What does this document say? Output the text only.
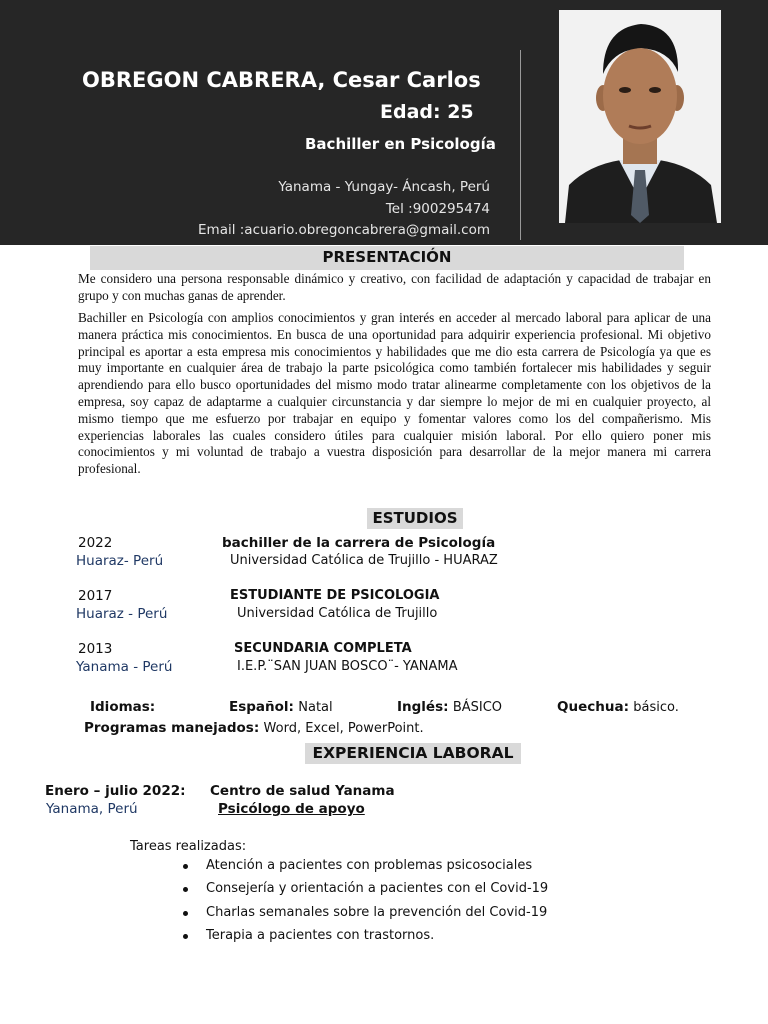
OBREGON CABRERA, Cesar Carlos
Edad: 25
Bachiller en Psicología
Yanama - Yungay- Áncash, Perú
Tel :900295474
Email :acuario.obregoncabrera@gmail.com
PRESENTACIÓN
Me considero una persona responsable dinámico y creativo, con facilidad de adaptación y capacidad de trabajar en grupo y con muchas ganas de aprender.
Bachiller en Psicología con amplios conocimientos y gran interés en acceder al mercado laboral para aplicar de una manera práctica mis conocimientos. En busca de una oportunidad para adquirir experiencia profesional. Mi objetivo principal es aportar a esta empresa mis conocimientos y habilidades que me dio esta carrera de Psicología ya que es muy importante en cualquier área de trabajo la parte psicológica como también fortalecer mis habilidades y seguir aprendiendo para ello busco oportunidades del mismo modo tratar alinearme completamente con los objetivos de la empresa, soy capaz de adaptarme a cualquier circunstancia y dar siempre lo mejor de mi en cualquier proyecto, al mismo tiempo que me esfuerzo por trabajar en equipo y fomentar valores como los del compañerismo. Mis experiencias laborales las cuales considero útiles para cualquier misión laboral. Por ello quiero poner mis conocimientos y mi voluntad de trabajo a vuestra disposición para desarrollar de la mejor manera mi carrera profesional.
ESTUDIOS
2022	bachiller de la carrera de Psicología
Huaraz- Perú	Universidad Católica de Trujillo - HUARAZ
2017	ESTUDIANTE DE PSICOLOGIA
Huaraz - Perú	Universidad Católica de Trujillo
2013	SECUNDARIA COMPLETA
Yanama - Perú	I.E.P.¨SAN JUAN BOSCO¨- YANAMA
Idiomas:	Español: Natal	Inglés: BÁSICO	Quechua: básico.
Programas manejados: Word, Excel, PowerPoint.
EXPERIENCIA LABORAL
Enero – julio 2022: Centro de salud Yanama
Yanama, Perú	Psicólogo de apoyo
Tareas realizadas:
Atención a pacientes con problemas psicosociales
Consejería y orientación a pacientes con el Covid-19
Charlas semanales sobre la prevención del Covid-19
Terapia a pacientes con trastornos.
